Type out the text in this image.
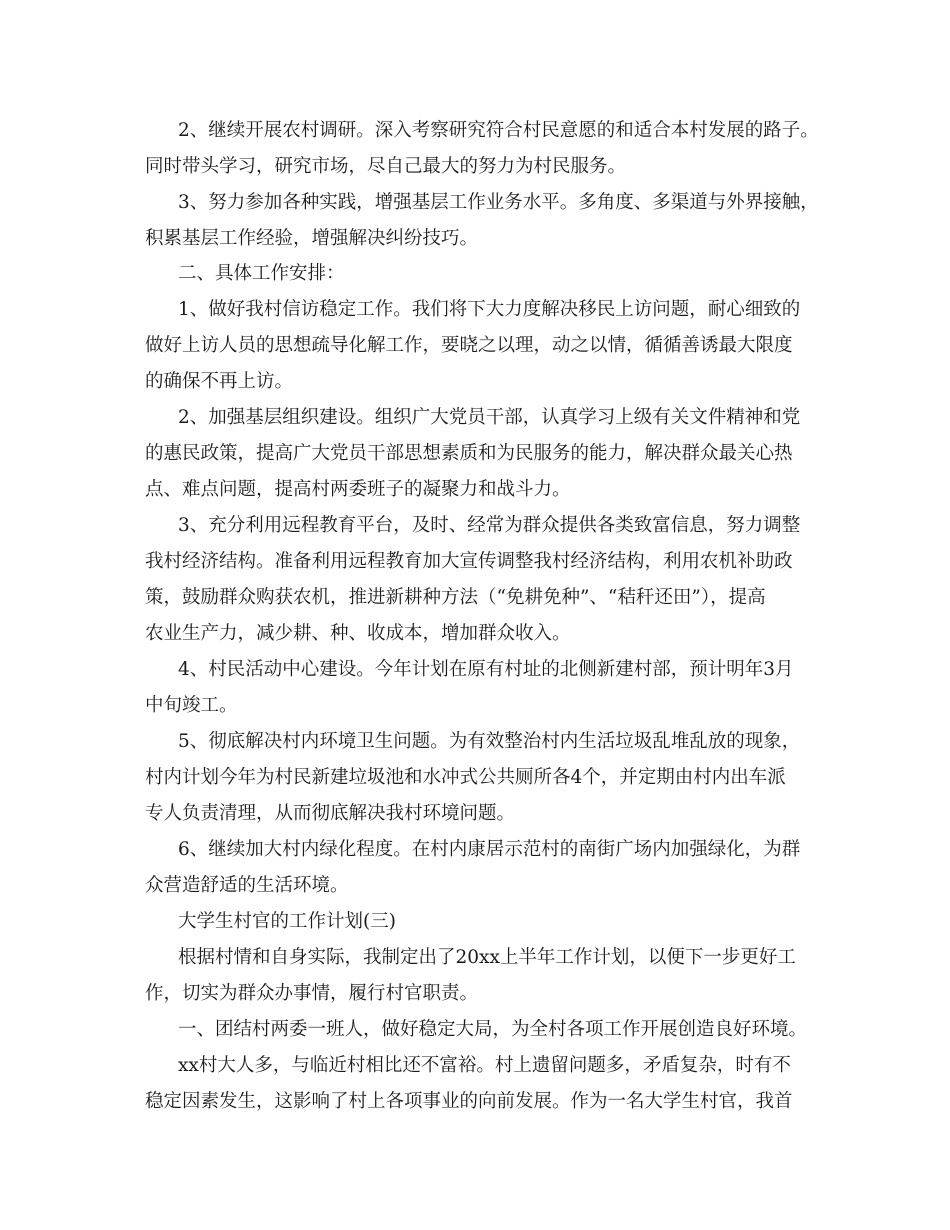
2、继续开展农村调研。深入考察研究符合村民意愿的和适合本村发展的路子。
同时带头学习，研究市场，尽自己最大的努力为村民服务。
3、努力参加各种实践，增强基层工作业务水平。多角度、多渠道与外界接触，
积累基层工作经验，增强解决纠纷技巧。
二、具体工作安排：
1、做好我村信访稳定工作。我们将下大力度解决移民上访问题，耐心细致的
做好上访人员的思想疏导化解工作，要晓之以理，动之以情，循循善诱最大限度
的确保不再上访。
2、加强基层组织建设。组织广大党员干部，认真学习上级有关文件精神和党
的惠民政策，提高广大党员干部思想素质和为民服务的能力，解决群众最关心热
点、难点问题，提高村两委班子的凝聚力和战斗力。
3、充分利用远程教育平台，及时、经常为群众提供各类致富信息，努力调整
我村经济结构。准备利用远程教育加大宣传调整我村经济结构，利用农机补助政
策，鼓励群众购获农机，推进新耕种方法（“免耕免种”、“秸秆还田”），提高
农业生产力，减少耕、种、收成本，增加群众收入。
4、村民活动中心建设。今年计划在原有村址的北侧新建村部，预计明年3月
中旬竣工。
5、彻底解决村内环境卫生问题。为有效整治村内生活垃圾乱堆乱放的现象，
村内计划今年为村民新建垃圾池和水冲式公共厕所各4个，并定期由村内出车派
专人负责清理，从而彻底解决我村环境问题。
6、继续加大村内绿化程度。在村内康居示范村的南街广场内加强绿化，为群
众营造舒适的生活环境。
大学生村官的工作计划(三)
根据村情和自身实际，我制定出了20xx上半年工作计划，以便下一步更好工
作，切实为群众办事情，履行村官职责。
一、团结村两委一班人，做好稳定大局，为全村各项工作开展创造良好环境。
xx村大人多，与临近村相比还不富裕。村上遗留问题多，矛盾复杂，时有不
稳定因素发生，这影响了村上各项事业的向前发展。作为一名大学生村官，我首
